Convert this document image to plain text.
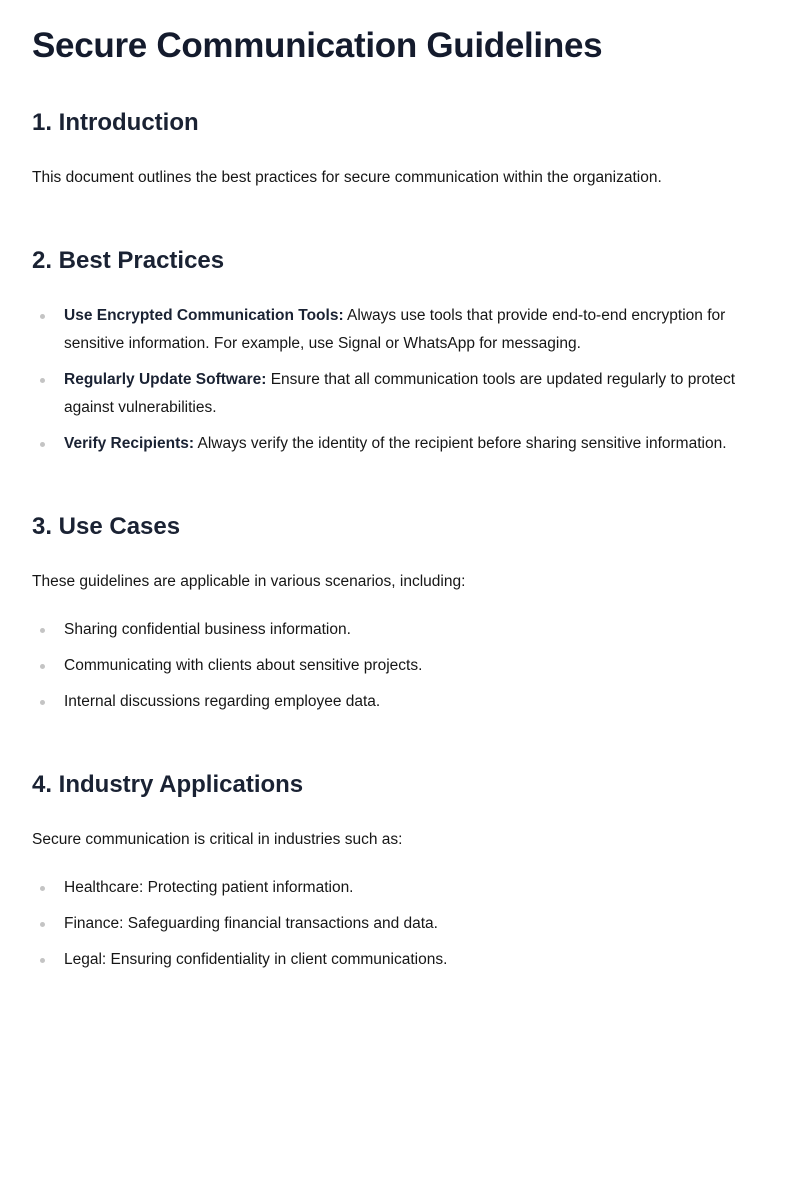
Secure Communication Guidelines
1. Introduction

This document outlines the best practices for secure communication within the organization.

2. Best Practices
Use Encrypted Communication Tools: Always use tools that provide end-to-end encryption for sensitive information. For example, use Signal or WhatsApp for messaging.
Regularly Update Software: Ensure that all communication tools are updated regularly to protect against vulnerabilities.
Verify Recipients: Always verify the identity of the recipient before sharing sensitive information.
3. Use Cases

These guidelines are applicable in various scenarios, including:

Sharing confidential business information.
Communicating with clients about sensitive projects.
Internal discussions regarding employee data.
4. Industry Applications

Secure communication is critical in industries such as:

Healthcare: Protecting patient information.
Finance: Safeguarding financial transactions and data.
Legal: Ensuring confidentiality in client communications.
